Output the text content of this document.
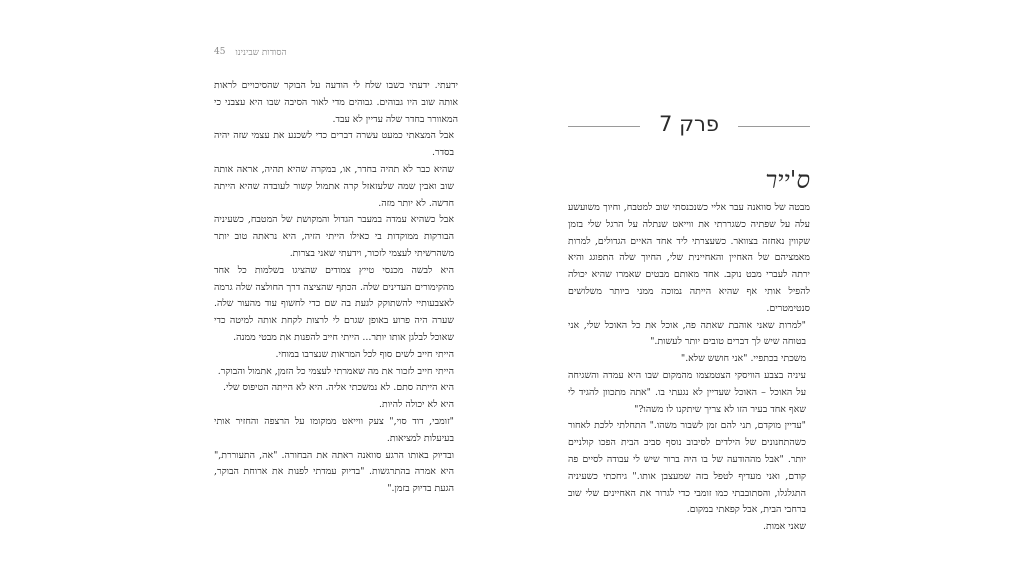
הסודות שבינינו
45

ידעתי. ידעתי כשבו שלח לי הודעה על הבוקר שהסיכויים לראות אותה שוב היו גבוהים. גבוהים מדי לאור הסיבה שבו היא עצבני כי המאוורר בחדר שלה עדיין לא עבד.

אבל המצאתי כמעט עשרה דברים כדי לשכנע את עצמי שזה יהיה בסדר.

שהיא כבר לא תהיה בחדר, או, במקרה שהיא תהיה, אראה אותה שוב ואבין שמה שלעזאזל קרה אתמול קשור לעובדה שהיא הייתה חדשה. לא יותר מזה.

אבל כשהיא עמדה במעבר הגדול והמקושת של המטבח, כשעיניה הבורקות ממוקדות בי כאילו הייתי הזיה, היא נראתה טוב יותר משהרשיתי לעצמי לזכור, וידעתי שאני בצרות.

היא לבשה מכנסי טייץ צמודים שהציגו בשלמות כל אחד מהקימורים העדינים שלה. הכתף שהציצה דרך החולצה שלה גרמה לאצבעותיי להשתוקק לגעת בה שם כדי לחשוף עוד מהעור שלה. שערה היה פרוע באופן שגרם לי לרצות לקחת אותה למיטה כדי שאוכל לבלגן אותו יותר... הייתי חייב להפנות את מבטי ממנה.

הייתי חייב לשים סוף לכל המראות שנצרבו במוחי.

הייתי חייב לזכור את מה שאמרתי לעצמי כל הזמן, אתמול והבוקר.

היא הייתה סתם. לא נמשכתי אליה. היא לא הייתה הטיפוס שלי.

היא לא יכולה להיות.

"זומבי, דוד סוי," צעק ווייאט ממקומו על הרצפה והחזיר אותי בעיעלות למציאות.

ובדיוק באותו הרגע סוואנה ראתה את הבחורה. "אה, התעוררת," היא אמרה בהתרגשות. "בדיוק עמדתי לפנות את ארוחת הבוקר, הגעת בדיוק בזמן."

פרק 7
ס'ייר

מבטה של סוואנה עבר אליי כשנכנסתי שוב למטבח, וחיוך משועשע עלה על שפתיה כשגררתי את ווייאט שנתלה על הרגל שלי בזמן שקווין נאחזה בצוואר. כשעצרתי ליד אחד האיים הגדולים, למרות מאמציהם של האחיין והאחיינית שלי, החיוך שלה התפוגג והיא ירתה לעברי מבט נוקב. אחד מאותם מבטים שאמרו שהיא יכולה להפיל אותי אף שהיא הייתה נמוכה ממני ביותר משלושים סנטימטרים.

"למרות שאני אוהבת שאתה פה, אוכל את כל האוכל שלי, אני בטוחה שיש לך דברים טובים יותר לעשות."

משכתי בכתפיי. "אני חושש שלא."

עיניה בצבע הוויסקי הצטמצמו מהמקום שבו היא עמדה והשגיחה על האוכל – האוכל שעדיין לא נגעתי בו. "אתה מתכוון להגיד לי שאף אחד בעיר הזו לא צריך שיתקנו לו משהו?"

"עדיין מוקדם, תני להם זמן לשבור משהו." התחלתי ללכת לאחור כשהתחנונים של הילדים לסיבוב נוסף סביב הבית הפכו קולניים יותר. "אבל מההודעה של בו היה ברור שיש לי עבודה לסיים פה קודם, ואני מעדיף לטפל בזה שמעצבן אותו." גיחכתי כשעיניה התגלגלו, והסתובבתי כמו זומבי כדי לגרור את האחיינים שלי שוב ברחבי הבית, אבל קפאתי במקום.

שאני אמות.
